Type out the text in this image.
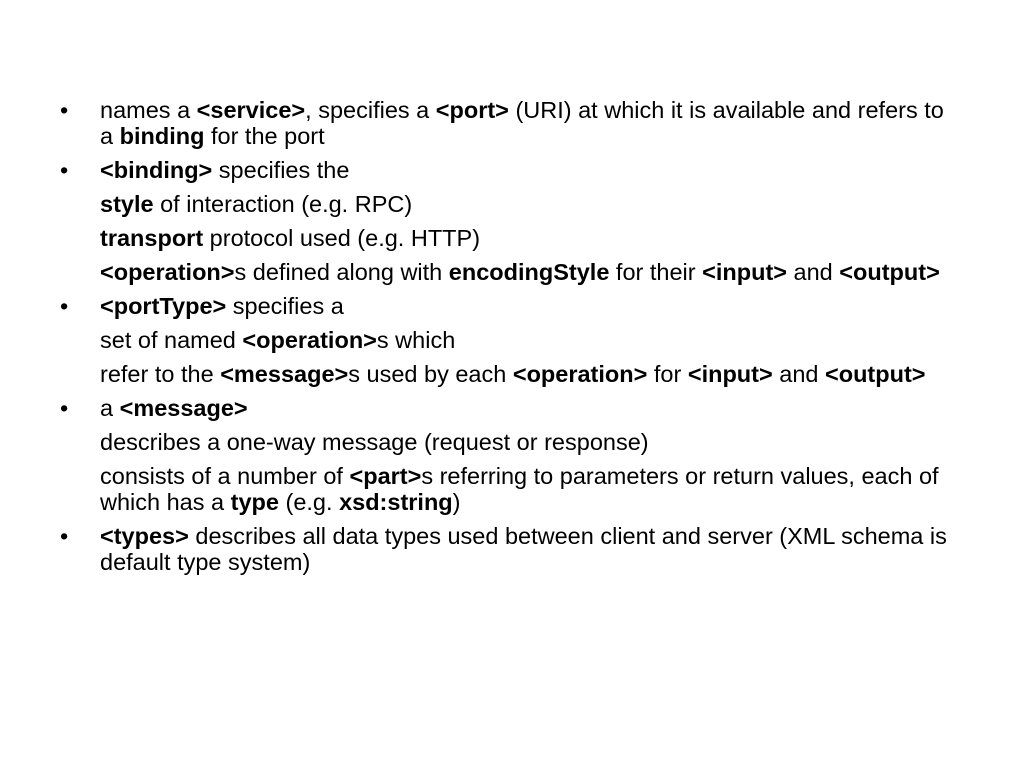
•	names a <service>, specifies a <port> (URI) at which it is available and refers to a binding for the port
•	<binding> specifies the
style of interaction (e.g. RPC)
transport protocol used (e.g. HTTP)
<operation>s defined along with encodingStyle for their <input> and <output>
•	<portType> specifies a
set of named <operation>s which
refer to the <message>s used by each <operation> for <input> and <output>
•	a <message>
describes a one-way message (request or response)
consists of a number of <part>s referring to parameters or return values, each of which has a type (e.g. xsd:string)
•	<types> describes all data types used between client and server (XML schema is default type system)
